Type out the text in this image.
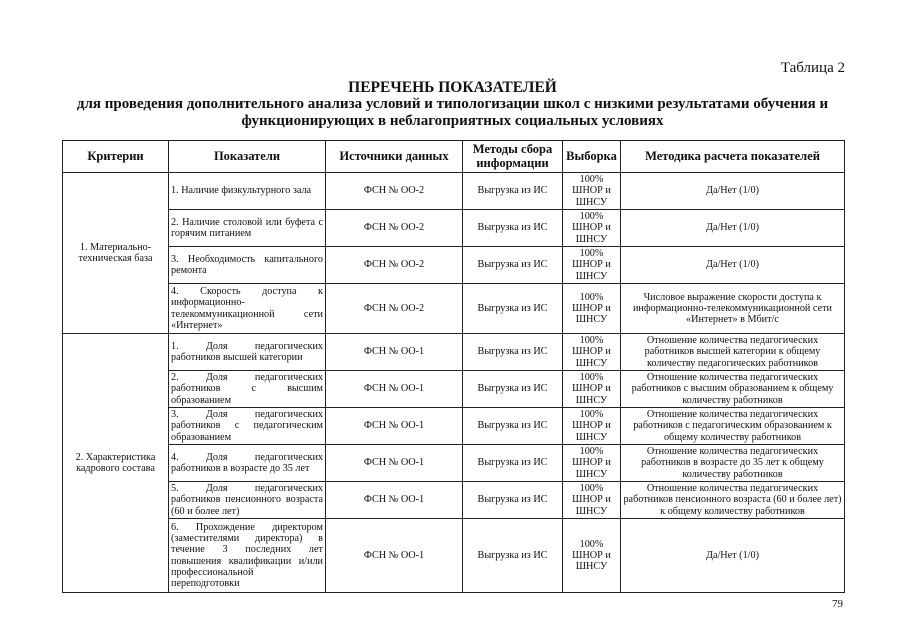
Таблица 2
ПЕРЕЧЕНЬ ПОКАЗАТЕЛЕЙ
для проведения дополнительного анализа условий и типологизации школ с низкими результатами обучения и
функционирующих в неблагоприятных социальных условиях
Критерии	Показатели	Источники данных	Методы сбора информации	Выборка	Методика расчета показателей
1. Материально-техническая база	1. Наличие физкультурного зала	ФСН № ОО-2	Выгрузка из ИС	100% ШНОР и ШНСУ	Да/Нет (1/0)
	2. Наличие столовой или буфета с горячим питанием	ФСН № ОО-2	Выгрузка из ИС	100% ШНОР и ШНСУ	Да/Нет (1/0)
	3. Необходимость капитального ремонта	ФСН № ОО-2	Выгрузка из ИС	100% ШНОР и ШНСУ	Да/Нет (1/0)
	4. Скорость доступа к информационно-телекоммуникационной сети «Интернет»	ФСН № ОО-2	Выгрузка из ИС	100% ШНОР и ШНСУ	Числовое выражение скорости доступа к информационно-телекоммуникационной сети «Интернет» в Мбит/с
2. Характеристика кадрового состава	1. Доля педагогических работников высшей категории	ФСН № ОО-1	Выгрузка из ИС	100% ШНОР и ШНСУ	Отношение количества педагогических работников высшей категории к общему количеству педагогических работников
	2. Доля педагогических работников с высшим образованием	ФСН № ОО-1	Выгрузка из ИС	100% ШНОР и ШНСУ	Отношение количества педагогических работников с высшим образованием к общему количеству работников
	3. Доля педагогических работников с педагогическим образованием	ФСН № ОО-1	Выгрузка из ИС	100% ШНОР и ШНСУ	Отношение количества педагогических работников с педагогическим образованием к общему количеству работников
	4. Доля педагогических работников в возрасте до 35 лет	ФСН № ОО-1	Выгрузка из ИС	100% ШНОР и ШНСУ	Отношение количества педагогических работников в возрасте до 35 лет к общему количеству работников
	5. Доля педагогических работников пенсионного возраста (60 и более лет)	ФСН № ОО-1	Выгрузка из ИС	100% ШНОР и ШНСУ	Отношение количества педагогических работников пенсионного возраста (60 и более лет) к общему количеству работников
	6. Прохождение директором (заместителями директора) в течение 3 последних лет повышения квалификации и/или профессиональной переподготовки	ФСН № ОО-1	Выгрузка из ИС	100% ШНОР и ШНСУ	Да/Нет (1/0)
79
